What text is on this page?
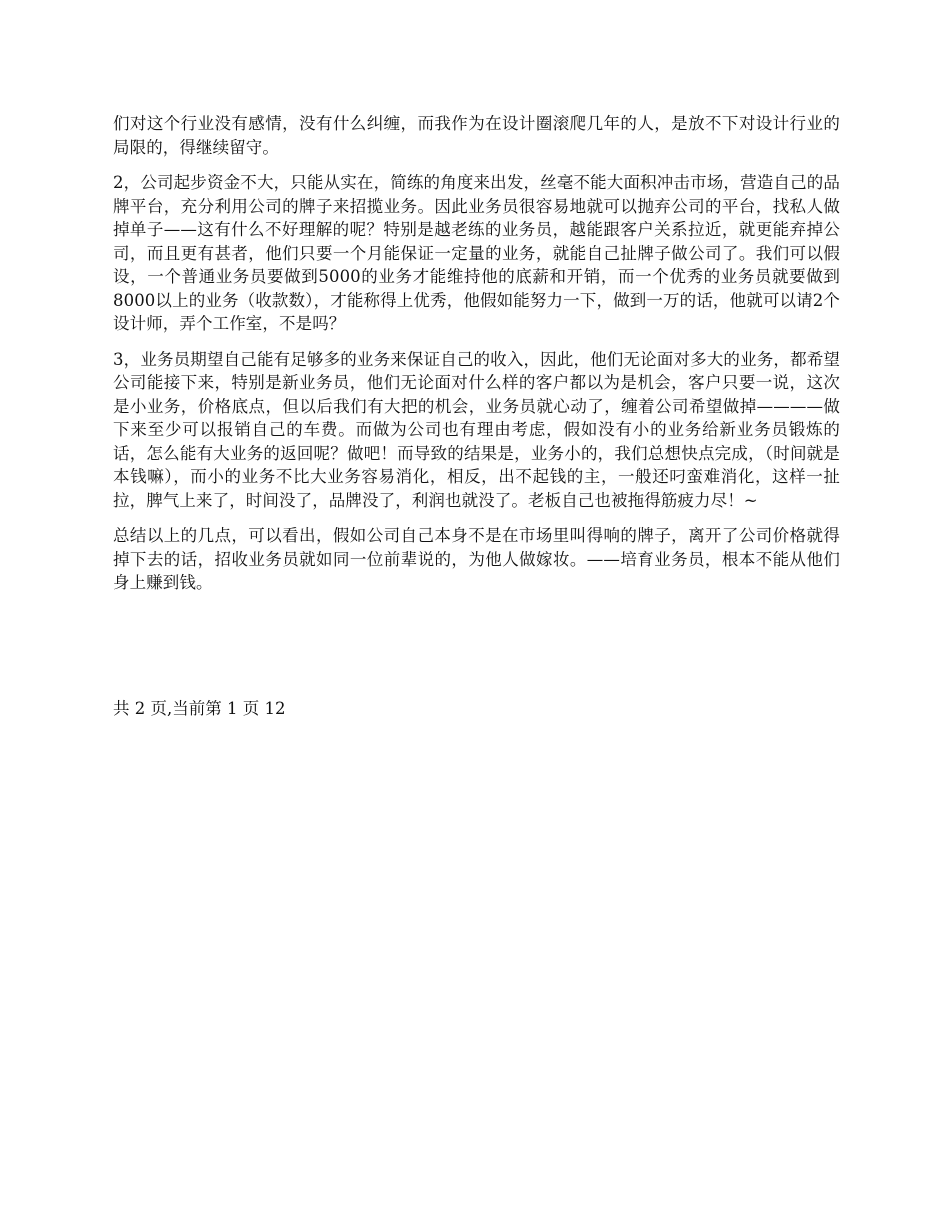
们对这个行业没有感情，没有什么纠缠，而我作为在设计圈滚爬几年的人，是放不下对设计行业的局限的，得继续留守。

2，公司起步资金不大，只能从实在，简练的角度来出发，丝毫不能大面积冲击市场，营造自己的品牌平台，充分利用公司的牌子来招揽业务。因此业务员很容易地就可以抛弃公司的平台，找私人做掉单子——这有什么不好理解的呢？特别是越老练的业务员，越能跟客户关系拉近，就更能弃掉公司，而且更有甚者，他们只要一个月能保证一定量的业务，就能自己扯牌子做公司了。我们可以假设，一个普通业务员要做到5000的业务才能维持他的底薪和开销，而一个优秀的业务员就要做到8000以上的业务（收款数），才能称得上优秀，他假如能努力一下，做到一万的话，他就可以请2个设计师，弄个工作室，不是吗？

3，业务员期望自己能有足够多的业务来保证自己的收入，因此，他们无论面对多大的业务，都希望公司能接下来，特别是新业务员，他们无论面对什么样的客户都以为是机会，客户只要一说，这次是小业务，价格底点，但以后我们有大把的机会，业务员就心动了，缠着公司希望做掉————做下来至少可以报销自己的车费。而做为公司也有理由考虑，假如没有小的业务给新业务员锻炼的话，怎么能有大业务的返回呢？做吧！而导致的结果是，业务小的，我们总想快点完成，（时间就是本钱嘛），而小的业务不比大业务容易消化，相反，出不起钱的主，一般还叼蛮难消化，这样一扯拉，脾气上来了，时间没了，品牌没了，利润也就没了。老板自己也被拖得筋疲力尽！~

总结以上的几点，可以看出，假如公司自己本身不是在市场里叫得响的牌子，离开了公司价格就得掉下去的话，招收业务员就如同一位前辈说的，为他人做嫁妆。——培育业务员，根本不能从他们身上赚到钱。

共 2 页,当前第 1 页 12
